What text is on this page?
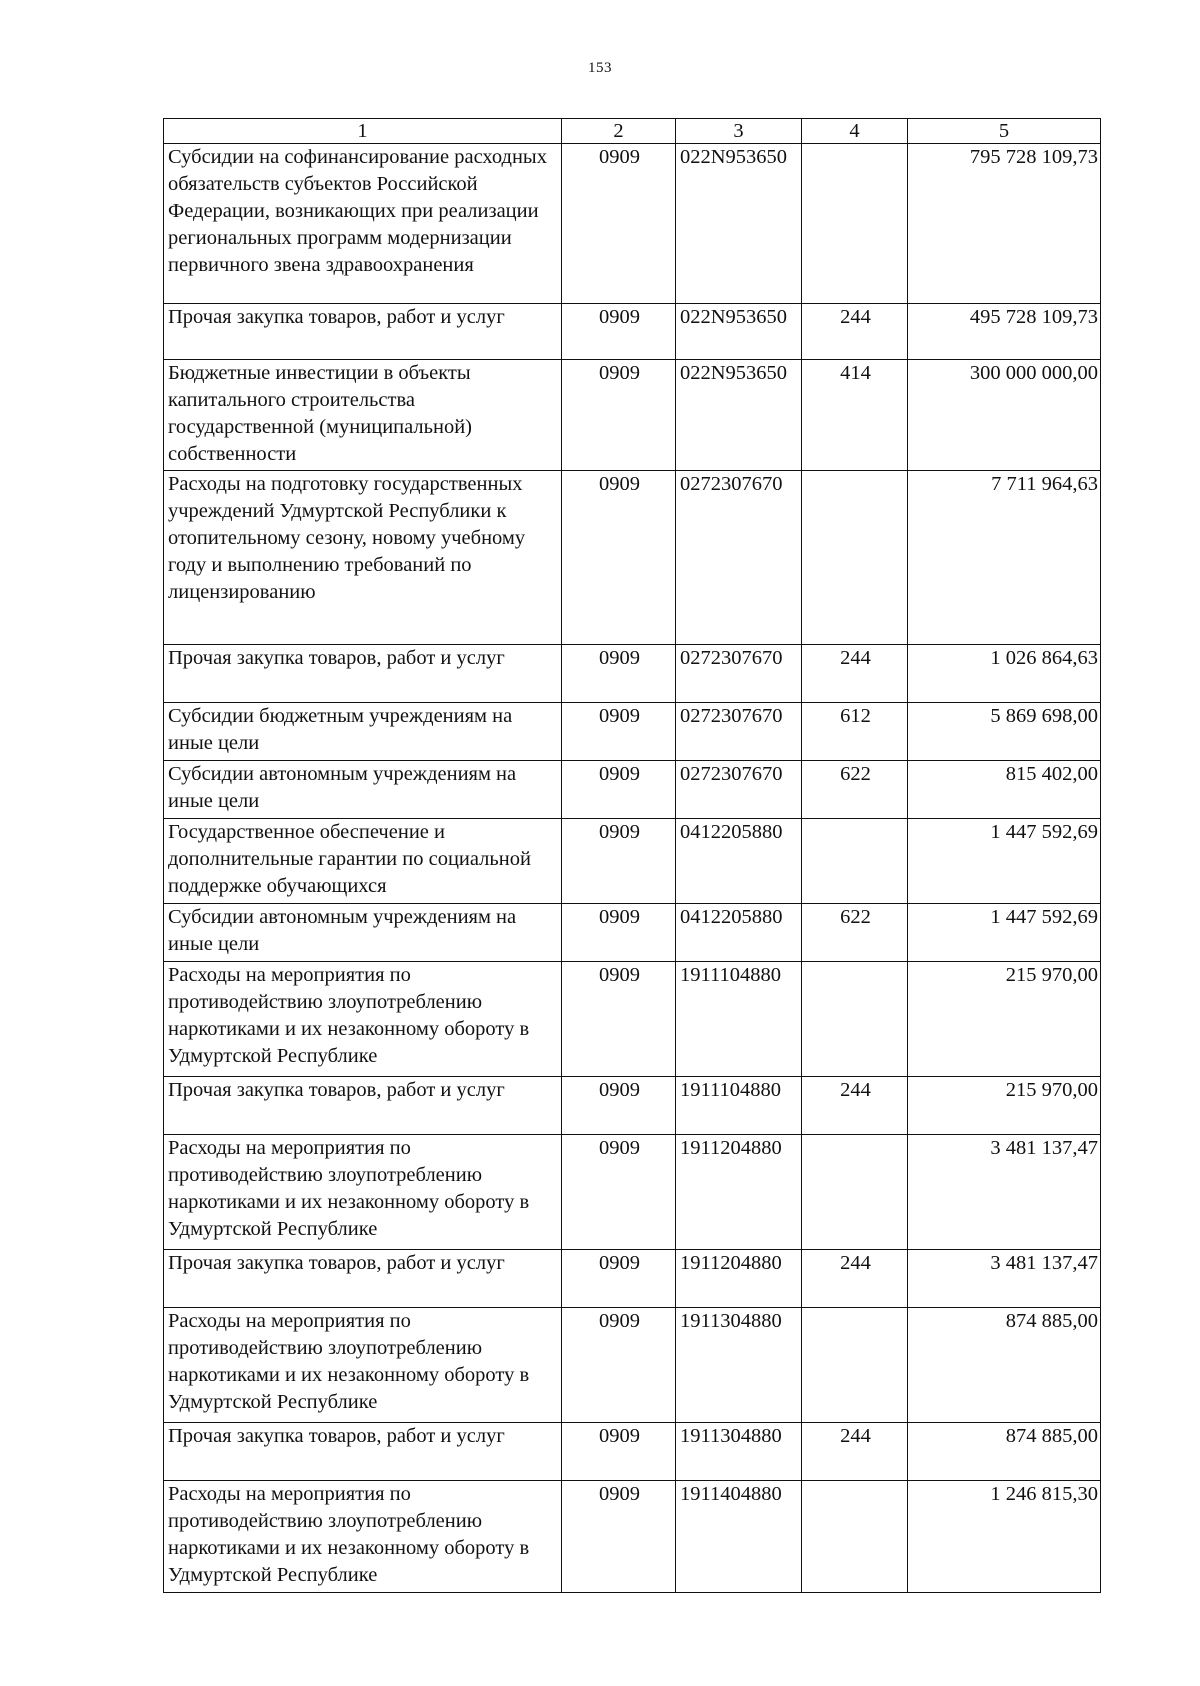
153
1	2	3	4	5
Субсидии на софинансирование расходных обязательств субъектов Российской Федерации, возникающих при реализации региональных программ модернизации первичного звена здравоохранения	0909	022N953650		795 728 109,73
Прочая закупка товаров, работ и услуг	0909	022N953650	244	495 728 109,73
Бюджетные инвестиции в объекты капитального строительства государственной (муниципальной) собственности	0909	022N953650	414	300 000 000,00
Расходы на подготовку государственных учреждений Удмуртской Республики к отопительному сезону, новому учебному году и выполнению требований по лицензированию	0909	0272307670		7 711 964,63
Прочая закупка товаров, работ и услуг	0909	0272307670	244	1 026 864,63
Субсидии бюджетным учреждениям на иные цели	0909	0272307670	612	5 869 698,00
Субсидии автономным учреждениям на иные цели	0909	0272307670	622	815 402,00
Государственное обеспечение и дополнительные гарантии по социальной поддержке обучающихся	0909	0412205880		1 447 592,69
Субсидии автономным учреждениям на иные цели	0909	0412205880	622	1 447 592,69
Расходы на мероприятия по противодействию злоупотреблению наркотиками и их незаконному обороту в Удмуртской Республике	0909	1911104880		215 970,00
Прочая закупка товаров, работ и услуг	0909	1911104880	244	215 970,00
Расходы на мероприятия по противодействию злоупотреблению наркотиками и их незаконному обороту в Удмуртской Республике	0909	1911204880		3 481 137,47
Прочая закупка товаров, работ и услуг	0909	1911204880	244	3 481 137,47
Расходы на мероприятия по противодействию злоупотреблению наркотиками и их незаконному обороту в Удмуртской Республике	0909	1911304880		874 885,00
Прочая закупка товаров, работ и услуг	0909	1911304880	244	874 885,00
Расходы на мероприятия по противодействию злоупотреблению наркотиками и их незаконному обороту в Удмуртской Республике	0909	1911404880		1 246 815,30
